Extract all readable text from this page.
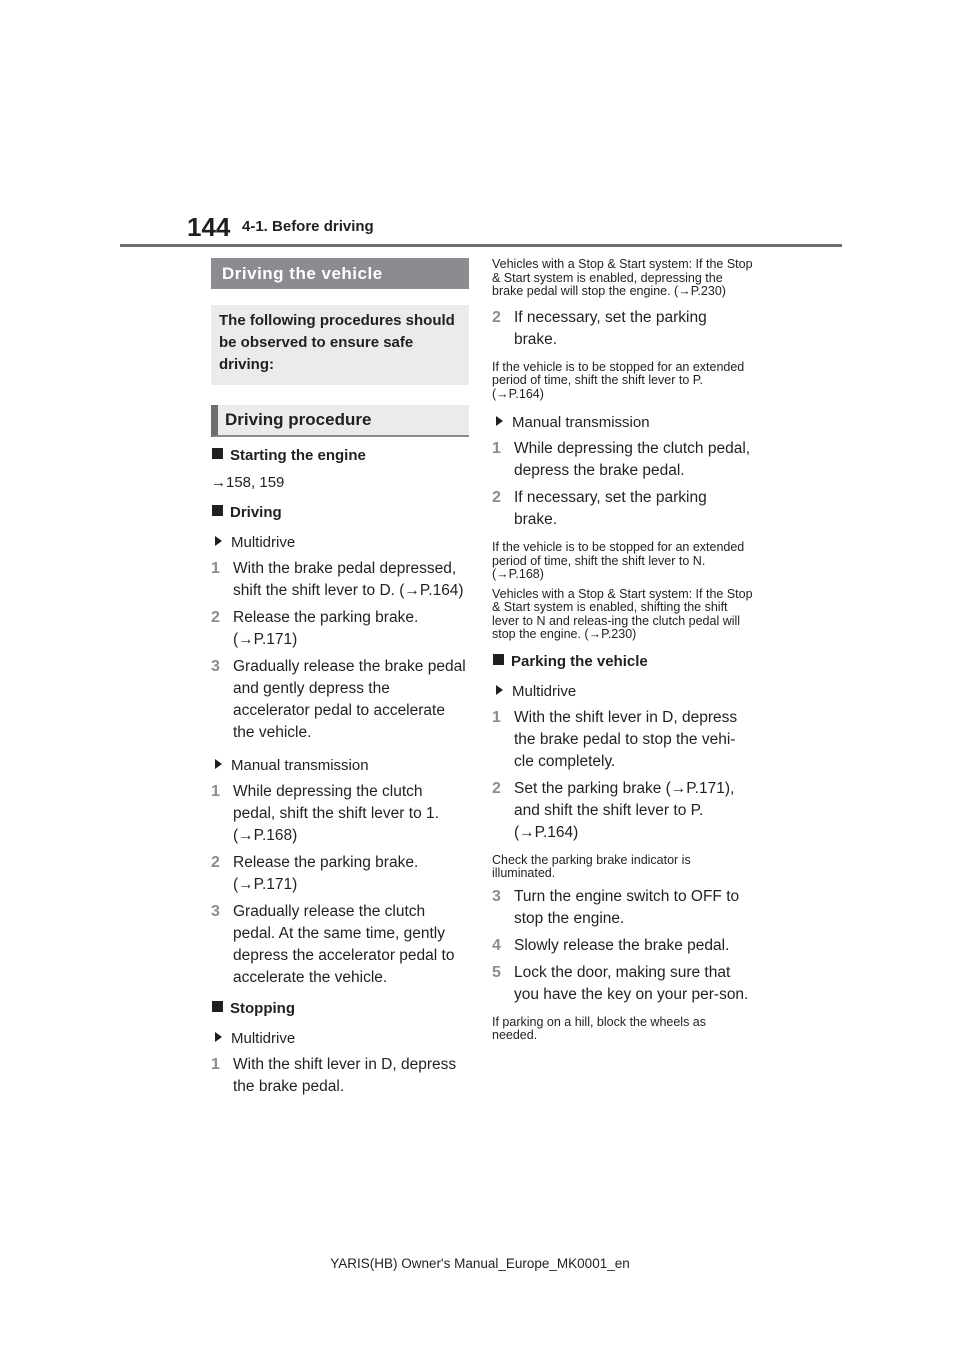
144 4-1. Before driving
Driving the vehicle
The following procedures should be observed to ensure safe driving:
Driving procedure
Starting the engine
→158, 159
Driving
Multidrive
1 With the brake pedal depressed, shift the shift lever to D. (→P.164)
2 Release the parking brake. (→P.171)
3 Gradually release the brake pedal and gently depress the accelerator pedal to accelerate the vehicle.
Manual transmission
1 While depressing the clutch pedal, shift the shift lever to 1. (→P.168)
2 Release the parking brake. (→P.171)
3 Gradually release the clutch pedal. At the same time, gently depress the accelerator pedal to accelerate the vehicle.
Stopping
Multidrive
1 With the shift lever in D, depress the brake pedal.
Vehicles with a Stop & Start system: If the Stop & Start system is enabled, depressing the brake pedal will stop the engine. (→P.230)
2 If necessary, set the parking brake.
If the vehicle is to be stopped for an extended period of time, shift the shift lever to P. (→P.164)
Manual transmission
1 While depressing the clutch pedal, depress the brake pedal.
2 If necessary, set the parking brake.
If the vehicle is to be stopped for an extended period of time, shift the shift lever to N. (→P.168)
Vehicles with a Stop & Start system: If the Stop & Start system is enabled, shifting the shift lever to N and releas-ing the clutch pedal will stop the engine. (→P.230)
Parking the vehicle
Multidrive
1 With the shift lever in D, depress the brake pedal to stop the vehi-cle completely.
2 Set the parking brake (→P.171), and shift the shift lever to P. (→P.164)
Check the parking brake indicator is illuminated.
3 Turn the engine switch to OFF to stop the engine.
4 Slowly release the brake pedal.
5 Lock the door, making sure that you have the key on your per-son.
If parking on a hill, block the wheels as needed.
YARIS(HB) Owner's Manual_Europe_MK0001_en
